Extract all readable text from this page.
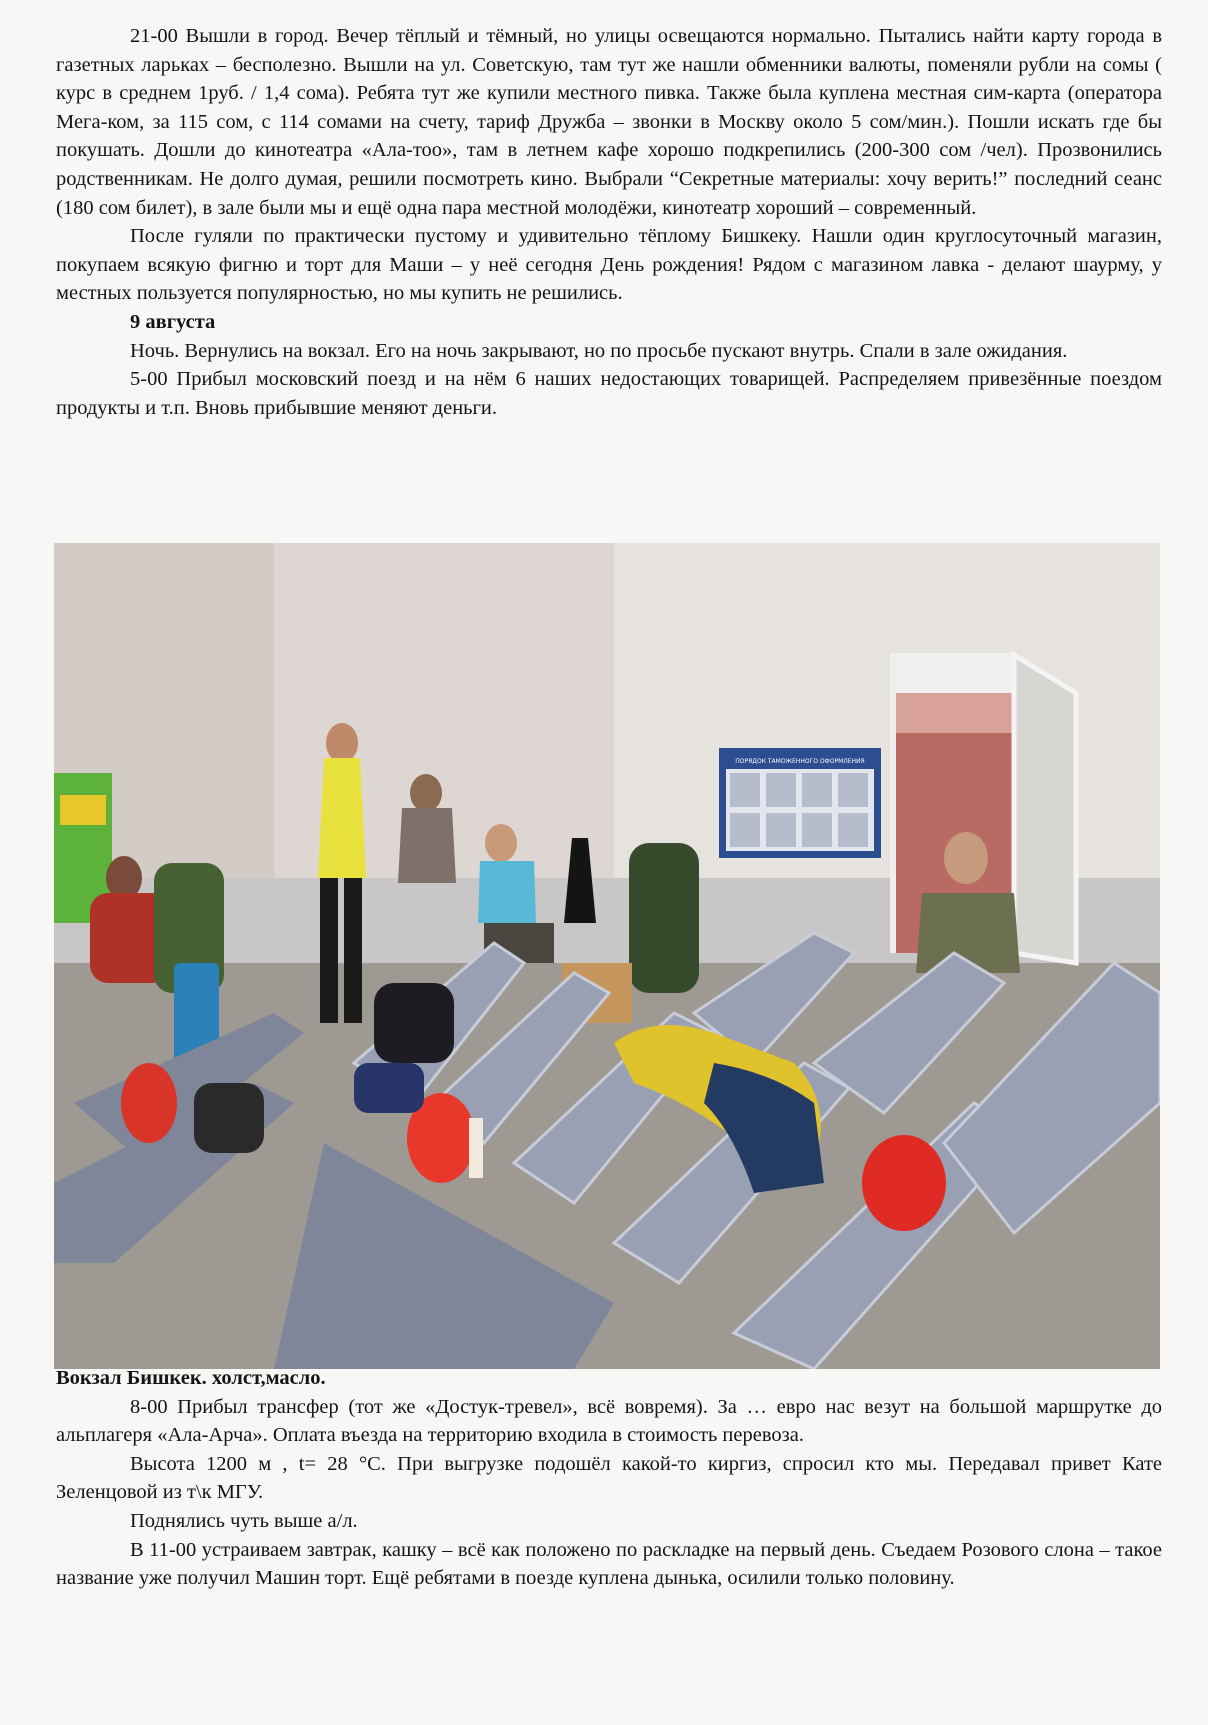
21-00 Вышли в город. Вечер тёплый и тёмный, но улицы освещаются нормально. Пытались найти карту города в газетных ларьках – бесполезно. Вышли на ул. Советскую, там тут же нашли обменники валюты, поменяли рубли на сомы ( курс в среднем 1руб. / 1,4 сома). Ребята тут же купили местного пивка. Также была куплена местная сим-карта (оператора Мега-ком, за 115 сом, с 114 сомами на счету, тариф Дружба – звонки в Москву около 5 сом/мин.). Пошли искать где бы покушать. Дошли до кинотеатра «Ала-тоо», там в летнем кафе хорошо подкрепились (200-300 сом /чел). Прозвонились родственникам. Не долго думая, решили посмотреть кино. Выбрали “Секретные материалы: хочу верить!” последний сеанс (180 сом билет), в зале были мы и ещё одна пара местной молодёжи, кинотеатр хороший – современный.

После гуляли по практически пустому и удивительно тёплому Бишкеку. Нашли один круглосуточный магазин, покупаем всякую фигню и торт для Маши – у неё сегодня День рождения! Рядом с магазином лавка - делают шаурму, у местных пользуется популярностью, но мы купить не решились.

9 августа

Ночь. Вернулись на вокзал. Его на ночь закрывают, но по просьбе пускают внутрь. Спали в зале ожидания.

5-00 Прибыл московский поезд и на нём 6 наших недостающих товарищей. Распределяем привезённые поездом продукты и т.п. Вновь прибывшие меняют деньги.

ПОРЯДОК ТАМОЖЕННОГО ОФОРМЛЕНИЯ

Вокзал Бишкек. холст,масло.

8-00 Прибыл трансфер (тот же «Достук-тревел», всё вовремя). За … евро нас везут на большой маршрутке до альплагеря «Ала-Арча». Оплата въезда на территорию входила в стоимость перевоза.

Высота 1200 м , t= 28 °С. При выгрузке подошёл какой-то киргиз, спросил кто мы. Передавал привет Кате Зеленцовой из т\к МГУ.

Поднялись чуть выше а/л.

В 11-00 устраиваем завтрак, кашку – всё как положено по раскладке на первый день. Съедаем Розового слона – такое название уже получил Машин торт. Ещё ребятами в поезде куплена дынька, осилили только половину.
